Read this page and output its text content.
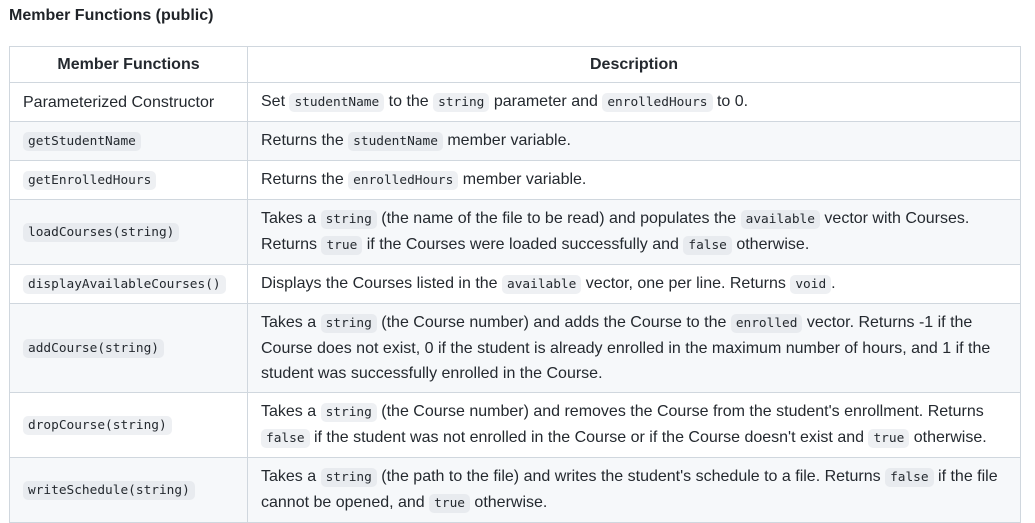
Member Functions (public)
Member Functions	Description
Parameterized Constructor	Set studentName to the string parameter and enrolledHours to 0.
getStudentName	Returns the studentName member variable.
getEnrolledHours	Returns the enrolledHours member variable.
loadCourses(string)	Takes a string (the name of the file to be read) and populates the available vector with Courses. Returns true if the Courses were loaded successfully and false otherwise.
displayAvailableCourses()	Displays the Courses listed in the available vector, one per line. Returns void .
addCourse(string)	Takes a string (the Course number) and adds the Course to the enrolled vector. Returns -1 if the Course does not exist, 0 if the student is already enrolled in the maximum number of hours, and 1 if the student was successfully enrolled in the Course.
dropCourse(string)	Takes a string (the Course number) and removes the Course from the student's enrollment. Returns false if the student was not enrolled in the Course or if the Course doesn't exist and true otherwise.
writeSchedule(string)	Takes a string (the path to the file) and writes the student's schedule to a file. Returns false if the file cannot be opened, and true otherwise.
